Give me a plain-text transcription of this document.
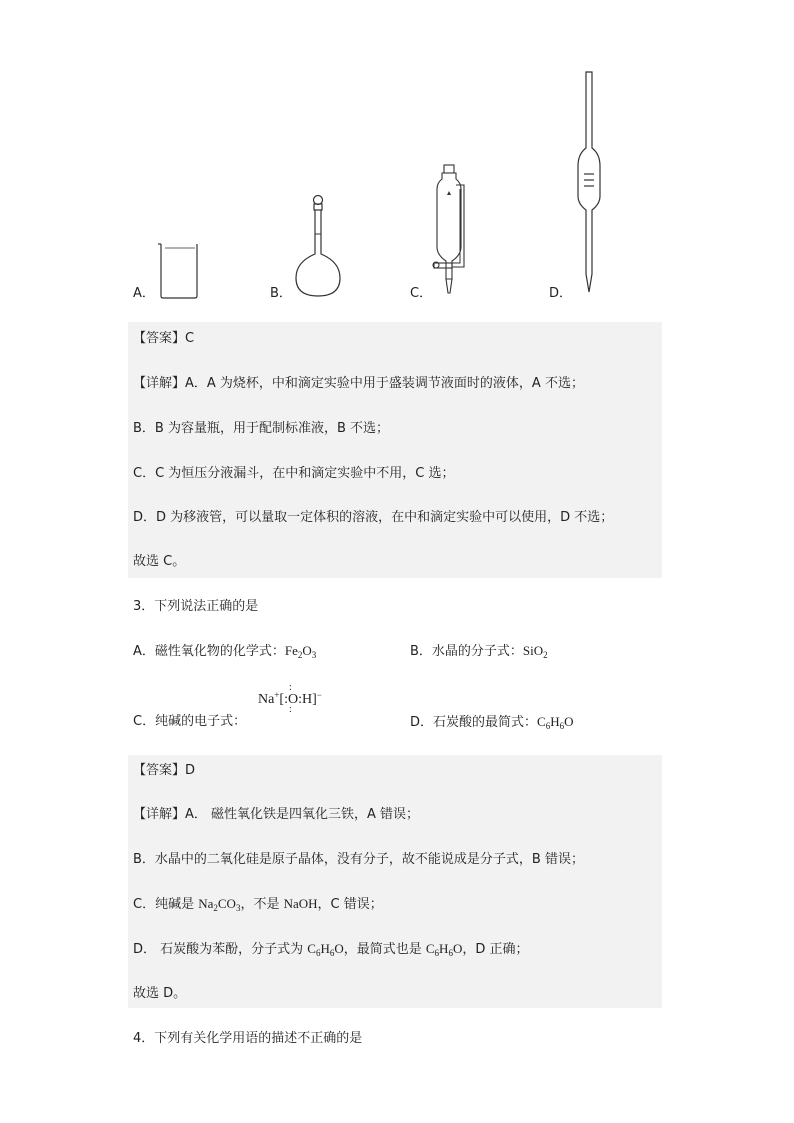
A．	B．	C．	D．
【答案】C
【详解】A．A 为烧杯，中和滴定实验中用于盛装调节液面时的液体，A 不选；
B．B 为容量瓶，用于配制标准液，B 不选；
C．C 为恒压分液漏斗，在中和滴定实验中不用，C 选；
D．D 为移液管，可以量取一定体积的溶液，在中和滴定实验中可以使用，D 不选；
故选 C。
3．下列说法正确的是
A．磁性氧化物的化学式：$Fe_2O_3$	B．水晶的分子式：SiO$_2$
C．纯碱的电子式：
Na+[:O
:
:
:H]−
D．石炭酸的最简式：$C_6H_6O$
【答案】D
【详解】A． 磁性氧化铁是四氧化三铁，A 错误；
B．水晶中的二氧化硅是原子晶体，没有分子，故不能说成是分子式，B 错误；
C．纯碱是 $Na_2CO_3$，不是 NaOH，C 错误；
D． 石炭酸为苯酚，分子式为 $C_6H_6O$，最简式也是 $C_6H_6O$，D 正确；
故选 D。
4．下列有关化学用语的描述不正确的是
